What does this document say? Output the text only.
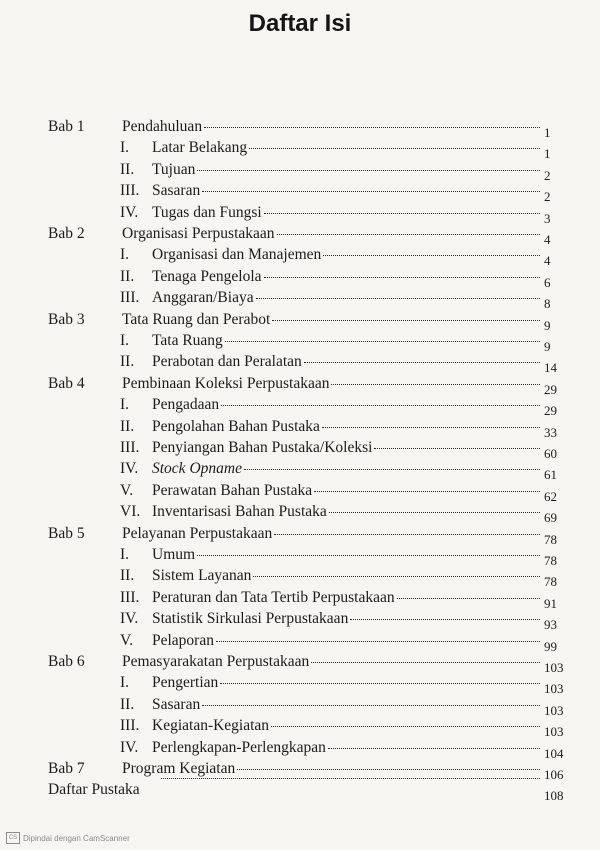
Daftar Isi
Bab 1 Pendahuluan	1
I. Latar Belakang	1
II. Tujuan	2
III. Sasaran	2
IV. Tugas dan Fungsi	3
Bab 2 Organisasi Perpustakaan	4
I. Organisasi dan Manajemen	4
II. Tenaga Pengelola	6
III. Anggaran/Biaya	8
Bab 3 Tata Ruang dan Perabot	9
I. Tata Ruang	9
II. Perabotan dan Peralatan	14
Bab 4 Pembinaan Koleksi Perpustakaan	29
I. Pengadaan	29
II. Pengolahan Bahan Pustaka	33
III. Penyiangan Bahan Pustaka/Koleksi	60
IV. Stock Opname	61
V. Perawatan Bahan Pustaka	62
VI. Inventarisasi Bahan Pustaka	69
Bab 5 Pelayanan Perpustakaan	78
I. Umum	78
II. Sistem Layanan	78
III. Peraturan dan Tata Tertib Perpustakaan	91
IV. Statistik Sirkulasi Perpustakaan	93
V. Pelaporan	99
Bab 6 Pemasyarakatan Perpustakaan	103
I. Pengertian	103
II. Sasaran	103
III. Kegiatan-Kegiatan	103
IV. Perlengkapan-Perlengkapan	104
Bab 7 Program Kegiatan	106
Daftar Pustaka	108
CS Dipindai dengan CamScanner
